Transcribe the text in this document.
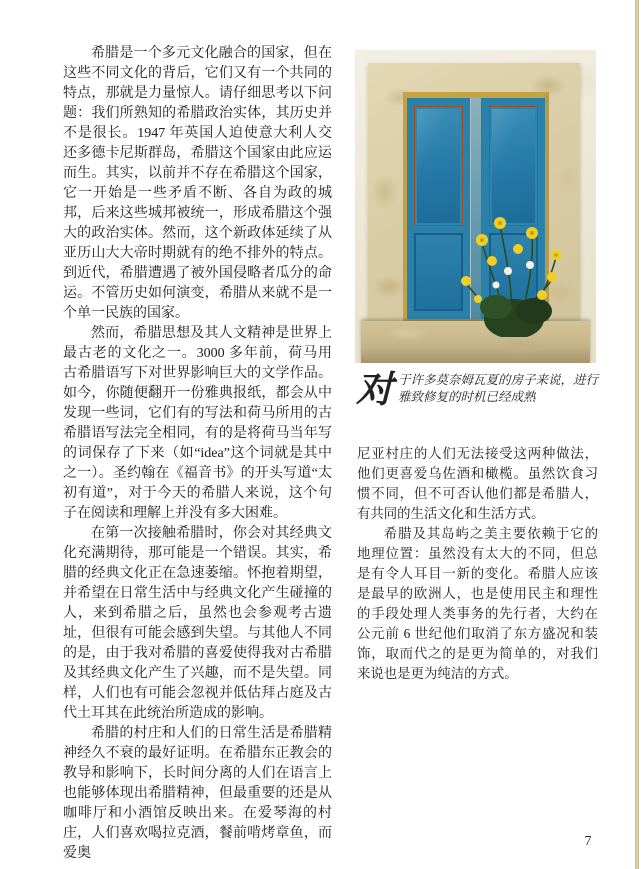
希腊是一个多元文化融合的国家，但在这些不同文化的背后，它们又有一个共同的特点，那就是力量惊人。请仔细思考以下问题：我们所熟知的希腊政治实体，其历史并不是很长。1947 年英国人迫使意大利人交还多德卡尼斯群岛，希腊这个国家由此应运而生。其实，以前并不存在希腊这个国家，它一开始是一些矛盾不断、各自为政的城邦，后来这些城邦被统一，形成希腊这个强大的政治实体。然而，这个新政体延续了从亚历山大大帝时期就有的绝不排外的特点。到近代，希腊遭遇了被外国侵略者瓜分的命运。不管历史如何演变，希腊从来就不是一个单一民族的国家。

然而，希腊思想及其人文精神是世界上最古老的文化之一。3000 多年前，荷马用古希腊语写下对世界影响巨大的文学作品。如今，你随便翻开一份雅典报纸，都会从中发现一些词，它们有的写法和荷马所用的古希腊语写法完全相同，有的是将荷马当年写的词保存了下来（如“idea”这个词就是其中之一）。圣约翰在《福音书》的开头写道“太初有道”，对于今天的希腊人来说，这个句子在阅读和理解上并没有多大困难。

在第一次接触希腊时，你会对其经典文化充满期待，那可能是一个错误。其实，希腊的经典文化正在急速萎缩。怀抱着期望，并希望在日常生活中与经典文化产生碰撞的人，来到希腊之后，虽然也会参观考古遗址，但很有可能会感到失望。与其他人不同的是，由于我对希腊的喜爱使得我对古希腊及其经典文化产生了兴趣，而不是失望。同样，人们也有可能会忽视并低估拜占庭及古代土耳其在此统治所造成的影响。

希腊的村庄和人们的日常生活是希腊精神经久不衰的最好证明。在希腊东正教会的教导和影响下，长时间分离的人们在语言上也能够体现出希腊精神，但最重要的还是从咖啡厅和小酒馆反映出来。在爱琴海的村庄，人们喜欢喝拉克酒，餐前啃烤章鱼，而爱奥

对于许多莫奈姆瓦夏的房子来说，进行雅致修复的时机已经成熟

尼亚村庄的人们无法接受这两种做法，他们更喜爱乌佐酒和橄榄。虽然饮食习惯不同，但不可否认他们都是希腊人，有共同的生活文化和生活方式。

希腊及其岛屿之美主要依赖于它的地理位置：虽然没有太大的不同，但总是有令人耳目一新的变化。希腊人应该是最早的欧洲人，也是使用民主和理性的手段处理人类事务的先行者，大约在公元前 6 世纪他们取消了东方盛况和装饰，取而代之的是更为简单的，对我们来说也是更为纯洁的方式。

7
